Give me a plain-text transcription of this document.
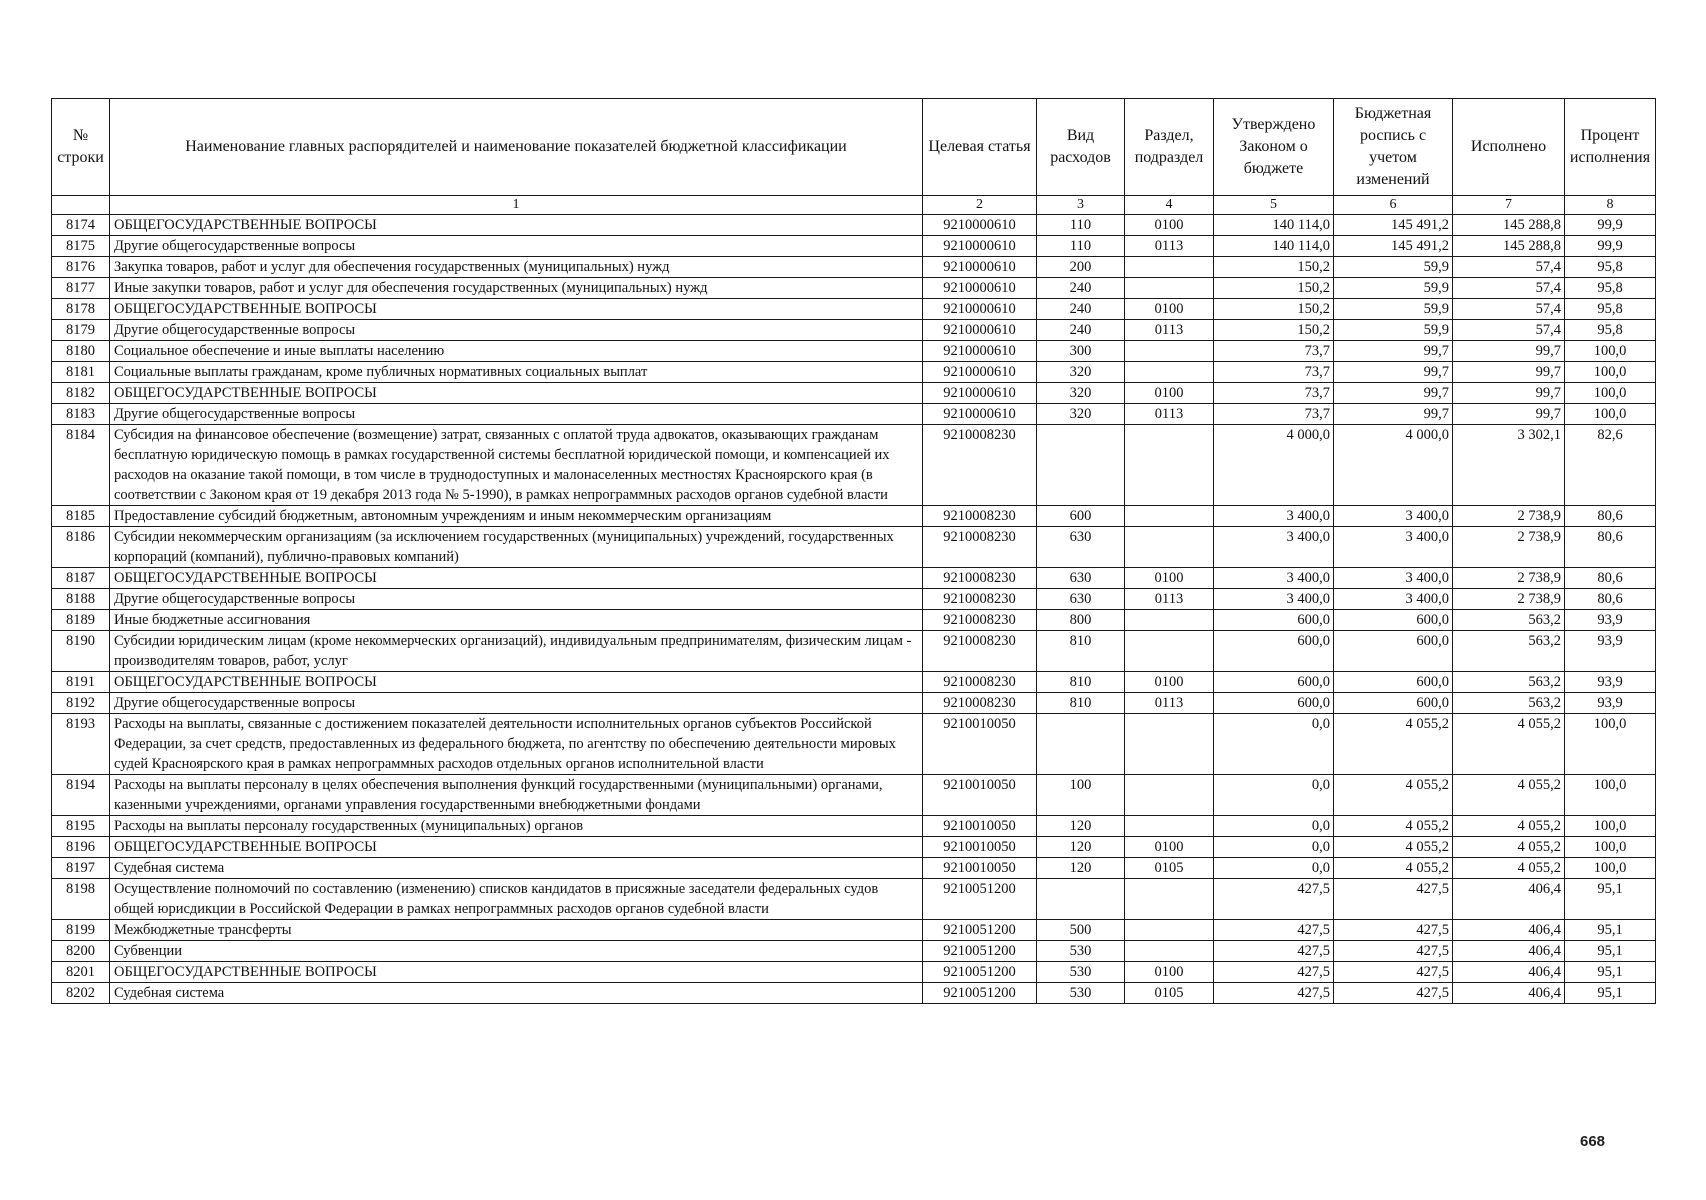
№ строки	Наименование главных распорядителей и наименование показателей бюджетной классификации	Целевая статья	Вид расходов	Раздел, подраздел	Утверждено Законом о бюджете	Бюджетная роспись с учетом изменений	Исполнено	Процент исполнения
	1	2	3	4	5	6	7	8
8174	ОБЩЕГОСУДАРСТВЕННЫЕ ВОПРОСЫ	9210000610	110	0100	140 114,0	145 491,2	145 288,8	99,9
8175	Другие общегосударственные вопросы	9210000610	110	0113	140 114,0	145 491,2	145 288,8	99,9
8176	Закупка товаров, работ и услуг для обеспечения государственных (муниципальных) нужд	9210000610	200		150,2	59,9	57,4	95,8
8177	Иные закупки товаров, работ и услуг для обеспечения государственных (муниципальных) нужд	9210000610	240		150,2	59,9	57,4	95,8
8178	ОБЩЕГОСУДАРСТВЕННЫЕ ВОПРОСЫ	9210000610	240	0100	150,2	59,9	57,4	95,8
8179	Другие общегосударственные вопросы	9210000610	240	0113	150,2	59,9	57,4	95,8
8180	Социальное обеспечение и иные выплаты населению	9210000610	300		73,7	99,7	99,7	100,0
8181	Социальные выплаты гражданам, кроме публичных нормативных социальных выплат	9210000610	320		73,7	99,7	99,7	100,0
8182	ОБЩЕГОСУДАРСТВЕННЫЕ ВОПРОСЫ	9210000610	320	0100	73,7	99,7	99,7	100,0
8183	Другие общегосударственные вопросы	9210000610	320	0113	73,7	99,7	99,7	100,0
8184	Субсидия на финансовое обеспечение (возмещение) затрат, связанных с оплатой труда адвокатов, оказывающих гражданам бесплатную юридическую помощь в рамках государственной системы бесплатной юридической помощи, и компенсацией их расходов на оказание такой помощи, в том числе в труднодоступных и малонаселенных местностях Красноярского края (в соответствии с Законом края от 19 декабря 2013 года № 5-1990), в рамках непрограммных расходов органов судебной власти	9210008230			4 000,0	4 000,0	3 302,1	82,6
8185	Предоставление субсидий бюджетным, автономным учреждениям и иным некоммерческим организациям	9210008230	600		3 400,0	3 400,0	2 738,9	80,6
8186	Субсидии некоммерческим организациям (за исключением государственных (муниципальных) учреждений, государственных корпораций (компаний), публично-правовых компаний)	9210008230	630		3 400,0	3 400,0	2 738,9	80,6
8187	ОБЩЕГОСУДАРСТВЕННЫЕ ВОПРОСЫ	9210008230	630	0100	3 400,0	3 400,0	2 738,9	80,6
8188	Другие общегосударственные вопросы	9210008230	630	0113	3 400,0	3 400,0	2 738,9	80,6
8189	Иные бюджетные ассигнования	9210008230	800		600,0	600,0	563,2	93,9
8190	Субсидии юридическим лицам (кроме некоммерческих организаций), индивидуальным предпринимателям, физическим лицам - производителям товаров, работ, услуг	9210008230	810		600,0	600,0	563,2	93,9
8191	ОБЩЕГОСУДАРСТВЕННЫЕ ВОПРОСЫ	9210008230	810	0100	600,0	600,0	563,2	93,9
8192	Другие общегосударственные вопросы	9210008230	810	0113	600,0	600,0	563,2	93,9
8193	Расходы на выплаты, связанные с достижением показателей деятельности исполнительных органов субъектов Российской Федерации, за счет средств, предоставленных из федерального бюджета, по агентству по обеспечению деятельности мировых судей Красноярского края в рамках непрограммных расходов отдельных органов исполнительной власти	9210010050			0,0	4 055,2	4 055,2	100,0
8194	Расходы на выплаты персоналу в целях обеспечения выполнения функций государственными (муниципальными) органами, казенными учреждениями, органами управления государственными внебюджетными фондами	9210010050	100		0,0	4 055,2	4 055,2	100,0
8195	Расходы на выплаты персоналу государственных (муниципальных) органов	9210010050	120		0,0	4 055,2	4 055,2	100,0
8196	ОБЩЕГОСУДАРСТВЕННЫЕ ВОПРОСЫ	9210010050	120	0100	0,0	4 055,2	4 055,2	100,0
8197	Судебная система	9210010050	120	0105	0,0	4 055,2	4 055,2	100,0
8198	Осуществление полномочий по составлению (изменению) списков кандидатов в присяжные заседатели федеральных судов общей юрисдикции в Российской Федерации в рамках непрограммных расходов органов судебной власти	9210051200			427,5	427,5	406,4	95,1
8199	Межбюджетные трансферты	9210051200	500		427,5	427,5	406,4	95,1
8200	Субвенции	9210051200	530		427,5	427,5	406,4	95,1
8201	ОБЩЕГОСУДАРСТВЕННЫЕ ВОПРОСЫ	9210051200	530	0100	427,5	427,5	406,4	95,1
8202	Судебная система	9210051200	530	0105	427,5	427,5	406,4	95,1
668
